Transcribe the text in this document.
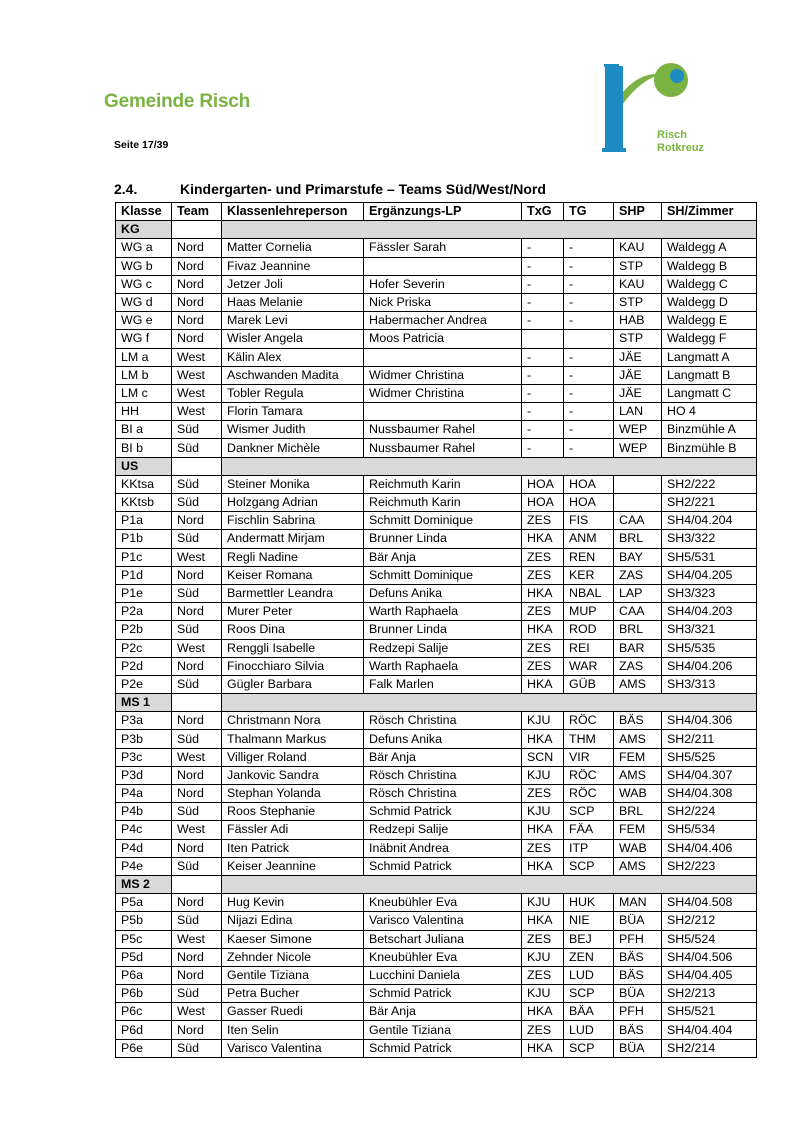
Gemeinde Risch
Seite 17/39
Risch
Rotkreuz
2.4.	Kindergarten- und Primarstufe – Teams Süd/West/Nord
Klasse	Team	Klassenlehreperson	Ergänzungs-LP	TxG	TG	SHP	SH/Zimmer
KG							
WG a	Nord	Matter Cornelia	Fässler Sarah	-	-	KAU	Waldegg A
WG b	Nord	Fivaz Jeannine		-	-	STP	Waldegg B
WG c	Nord	Jetzer Joli	Hofer Severin	-	-	KAU	Waldegg C
WG d	Nord	Haas Melanie	Nick Priska	-	-	STP	Waldegg D
WG e	Nord	Marek Levi	Habermacher Andrea	-	-	HAB	Waldegg E
WG f	Nord	Wisler Angela	Moos Patricia			STP	Waldegg F
LM a	West	Kälin Alex		-	-	JÄE	Langmatt A
LM b	West	Aschwanden Madita	Widmer Christina	-	-	JÄE	Langmatt B
LM c	West	Tobler Regula	Widmer Christina	-	-	JÄE	Langmatt C
HH	West	Florin Tamara		-	-	LAN	HO 4
BI a	Süd	Wismer Judith	Nussbaumer Rahel	-	-	WEP	Binzmühle A
BI b	Süd	Dankner Michèle	Nussbaumer Rahel	-	-	WEP	Binzmühle B
US							
KKtsa	Süd	Steiner Monika	Reichmuth Karin	HOA	HOA		SH2/222
KKtsb	Süd	Holzgang Adrian	Reichmuth Karin	HOA	HOA		SH2/221
P1a	Nord	Fischlin Sabrina	Schmitt Dominique	ZES	FIS	CAA	SH4/04.204
P1b	Süd	Andermatt Mirjam	Brunner Linda	HKA	ANM	BRL	SH3/322
P1c	West	Regli Nadine	Bär Anja	ZES	REN	BAY	SH5/531
P1d	Nord	Keiser Romana	Schmitt Dominique	ZES	KER	ZAS	SH4/04.205
P1e	Süd	Barmettler Leandra	Defuns Anika	HKA	NBAL	LAP	SH3/323
P2a	Nord	Murer Peter	Warth Raphaela	ZES	MUP	CAA	SH4/04.203
P2b	Süd	Roos Dina	Brunner Linda	HKA	ROD	BRL	SH3/321
P2c	West	Renggli Isabelle	Redzepi Salije	ZES	REI	BAR	SH5/535
P2d	Nord	Finocchiaro Silvia	Warth Raphaela	ZES	WAR	ZAS	SH4/04.206
P2e	Süd	Gügler Barbara	Falk Marlen	HKA	GÜB	AMS	SH3/313
MS 1							
P3a	Nord	Christmann Nora	Rösch Christina	KJU	RÖC	BÄS	SH4/04.306
P3b	Süd	Thalmann Markus	Defuns Anika	HKA	THM	AMS	SH2/211
P3c	West	Villiger Roland	Bär Anja	SCN	VIR	FEM	SH5/525
P3d	Nord	Jankovic Sandra	Rösch Christina	KJU	RÖC	AMS	SH4/04.307
P4a	Nord	Stephan Yolanda	Rösch Christina	ZES	RÖC	WAB	SH4/04.308
P4b	Süd	Roos Stephanie	Schmid Patrick	KJU	SCP	BRL	SH2/224
P4c	West	Fässler Adi	Redzepi Salije	HKA	FÄA	FEM	SH5/534
P4d	Nord	Iten Patrick	Inäbnit Andrea	ZES	ITP	WAB	SH4/04.406
P4e	Süd	Keiser Jeannine	Schmid Patrick	HKA	SCP	AMS	SH2/223
MS 2							
P5a	Nord	Hug Kevin	Kneubühler Eva	KJU	HUK	MAN	SH4/04.508
P5b	Süd	Nijazi Edina	Varisco Valentina	HKA	NIE	BÜA	SH2/212
P5c	West	Kaeser Simone	Betschart Juliana	ZES	BEJ	PFH	SH5/524
P5d	Nord	Zehnder Nicole	Kneubühler Eva	KJU	ZEN	BÄS	SH4/04.506
P6a	Nord	Gentile Tiziana	Lucchini Daniela	ZES	LUD	BÄS	SH4/04.405
P6b	Süd	Petra Bucher	Schmid Patrick	KJU	SCP	BÜA	SH2/213
P6c	West	Gasser Ruedi	Bär Anja	HKA	BÄA	PFH	SH5/521
P6d	Nord	Iten Selin	Gentile Tiziana	ZES	LUD	BÄS	SH4/04.404
P6e	Süd	Varisco Valentina	Schmid Patrick	HKA	SCP	BÜA	SH2/214
